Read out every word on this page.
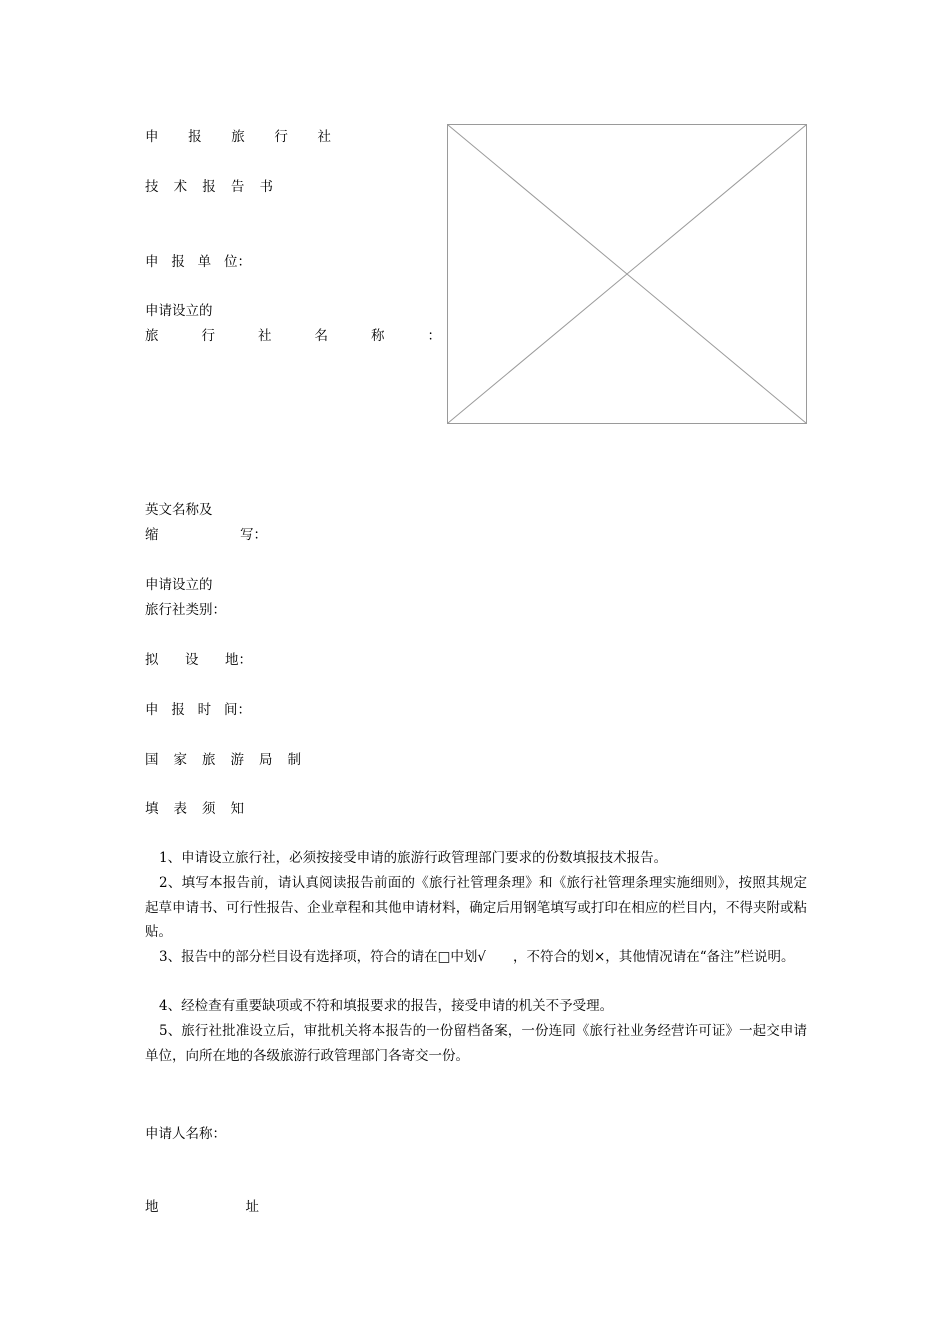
申 报 旅 行 社
技 术 报 告 书
申 报 单 位：
申请设立的
旅	行	社	名	称	：
英文名称及
缩	写：
申请设立的
旅行社类别：
拟 设 地：
申 报 时 间：
国 家 旅 游 局 制
填 表 须 知
1、申请设立旅行社，必须按接受申请的旅游行政管理部门要求的份数填报技术报告。
2、填写本报告前，请认真阅读报告前面的《旅行社管理条理》和《旅行社管理条理实施细则》，按照其规定起草申请书、可行性报告、企业章程和其他申请材料，确定后用钢笔填写或打印在相应的栏目内，不得夹附或粘贴。
3、报告中的部分栏目设有选择项，符合的请在□中划√　　，不符合的划×，其他情况请在“备注”栏说明。
4、经检查有重要缺项或不符和填报要求的报告，接受申请的机关不予受理。
5、旅行社批准设立后，审批机关将本报告的一份留档备案，一份连同《旅行社业务经营许可证》一起交申请单位，向所在地的各级旅游行政管理部门各寄交一份。
申请人名称：
地	址
